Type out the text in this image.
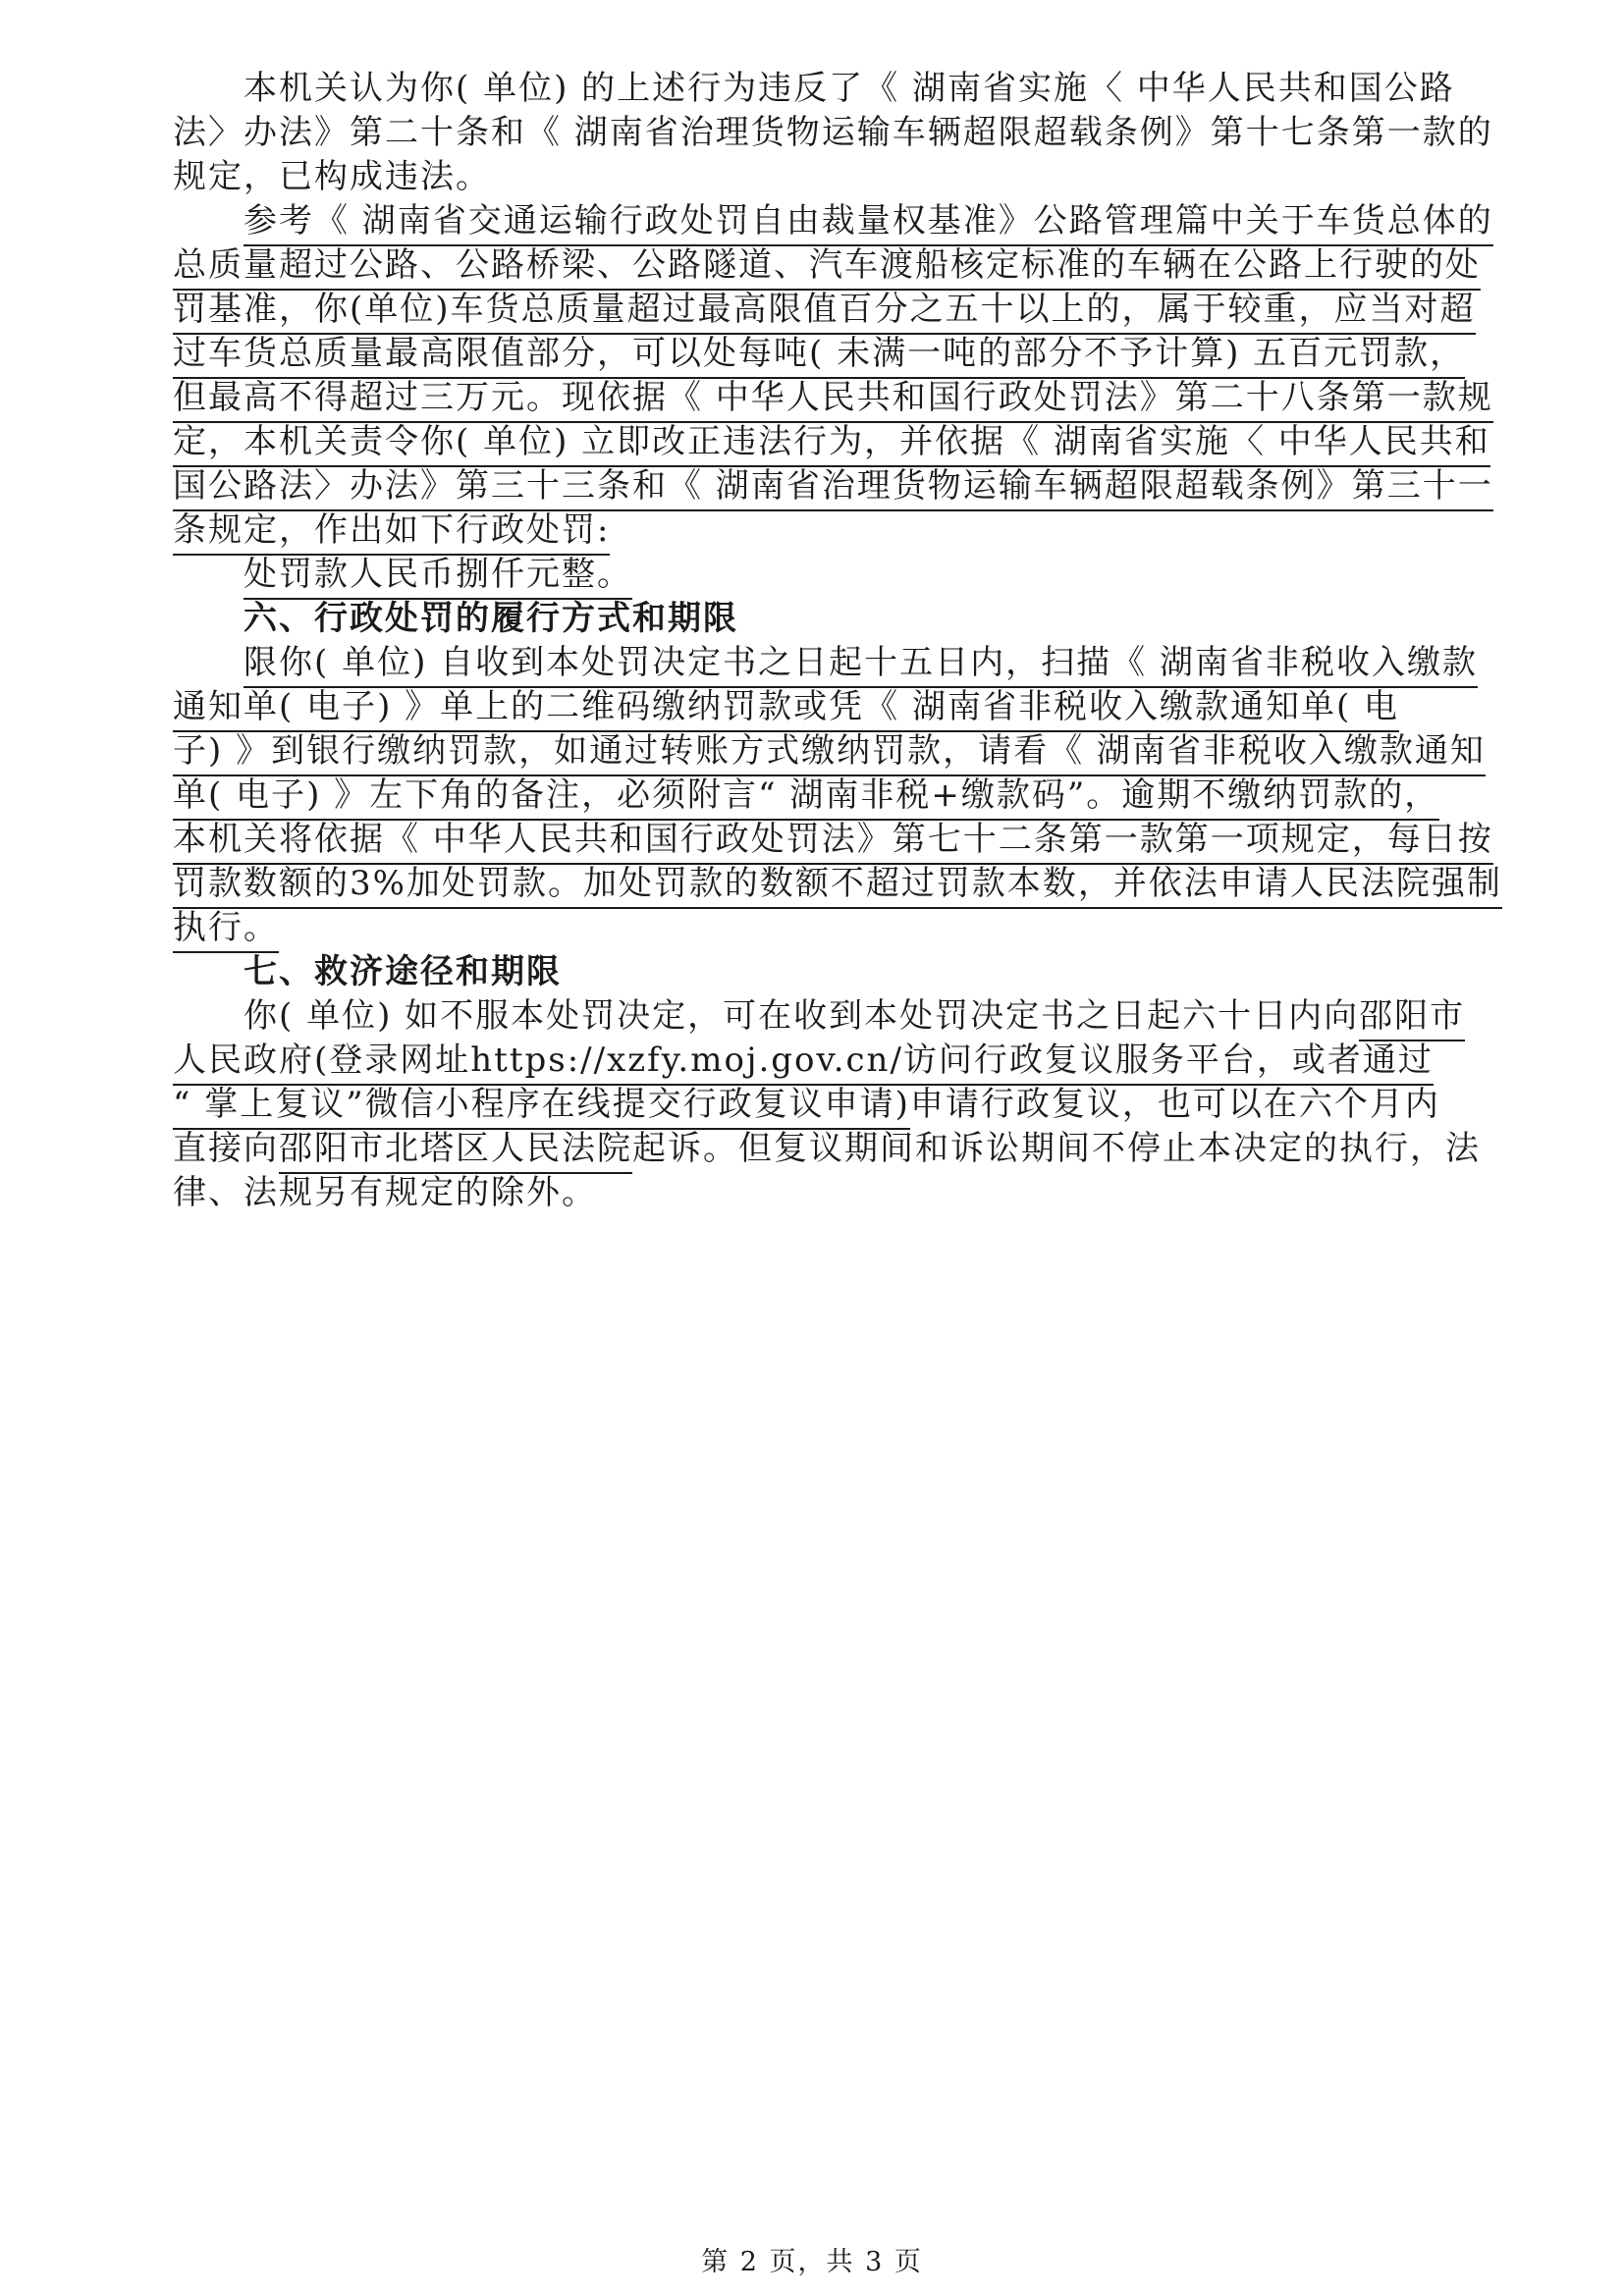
本机关认为你( 单位) 的上述行为违反了《 湖南省实施〈 中华人民共和国公路
法〉办法》第二十条和《 湖南省治理货物运输车辆超限超载条例》第十七条第一款的
规定，已构成违法。
参考《 湖南省交通运输行政处罚自由裁量权基准》公路管理篇中关于车货总体的
总质量超过公路、公路桥梁、公路隧道、汽车渡船核定标准的车辆在公路上行驶的处
罚基准，你(单位)车货总质量超过最高限值百分之五十以上的，属于较重，应当对超
过车货总质量最高限值部分，可以处每吨( 未满一吨的部分不予计算) 五百元罚款，
但最高不得超过三万元。现依据《 中华人民共和国行政处罚法》第二十八条第一款规
定，本机关责令你( 单位) 立即改正违法行为，并依据《 湖南省实施〈 中华人民共和
国公路法〉办法》第三十三条和《 湖南省治理货物运输车辆超限超载条例》第三十一
条规定，作出如下行政处罚:
处罚款人民币捌仟元整。
六、行政处罚的履行方式和期限
限你( 单位) 自收到本处罚决定书之日起十五日内，扫描《 湖南省非税收入缴款
通知单( 电子) 》单上的二维码缴纳罚款或凭《 湖南省非税收入缴款通知单( 电
子) 》到银行缴纳罚款，如通过转账方式缴纳罚款，请看《 湖南省非税收入缴款通知
单( 电子) 》左下角的备注，必须附言“ 湖南非税+缴款码”。逾期不缴纳罚款的，
本机关将依据《 中华人民共和国行政处罚法》第七十二条第一款第一项规定，每日按
罚款数额的3%加处罚款。加处罚款的数额不超过罚款本数，并依法申请人民法院强制
执行。
七、救济途径和期限
你( 单位) 如不服本处罚决定，可在收到本处罚决定书之日起六十日内向邵阳市
人民政府(登录网址https://xzfy.moj.gov.cn/访问行政复议服务平台，或者通过
“ 掌上复议”微信小程序在线提交行政复议申请)申请行政复议，也可以在六个月内
直接向邵阳市北塔区人民法院起诉。但复议期间和诉讼期间不停止本决定的执行，法
律、法规另有规定的除外。
第 2 页，共 3 页
